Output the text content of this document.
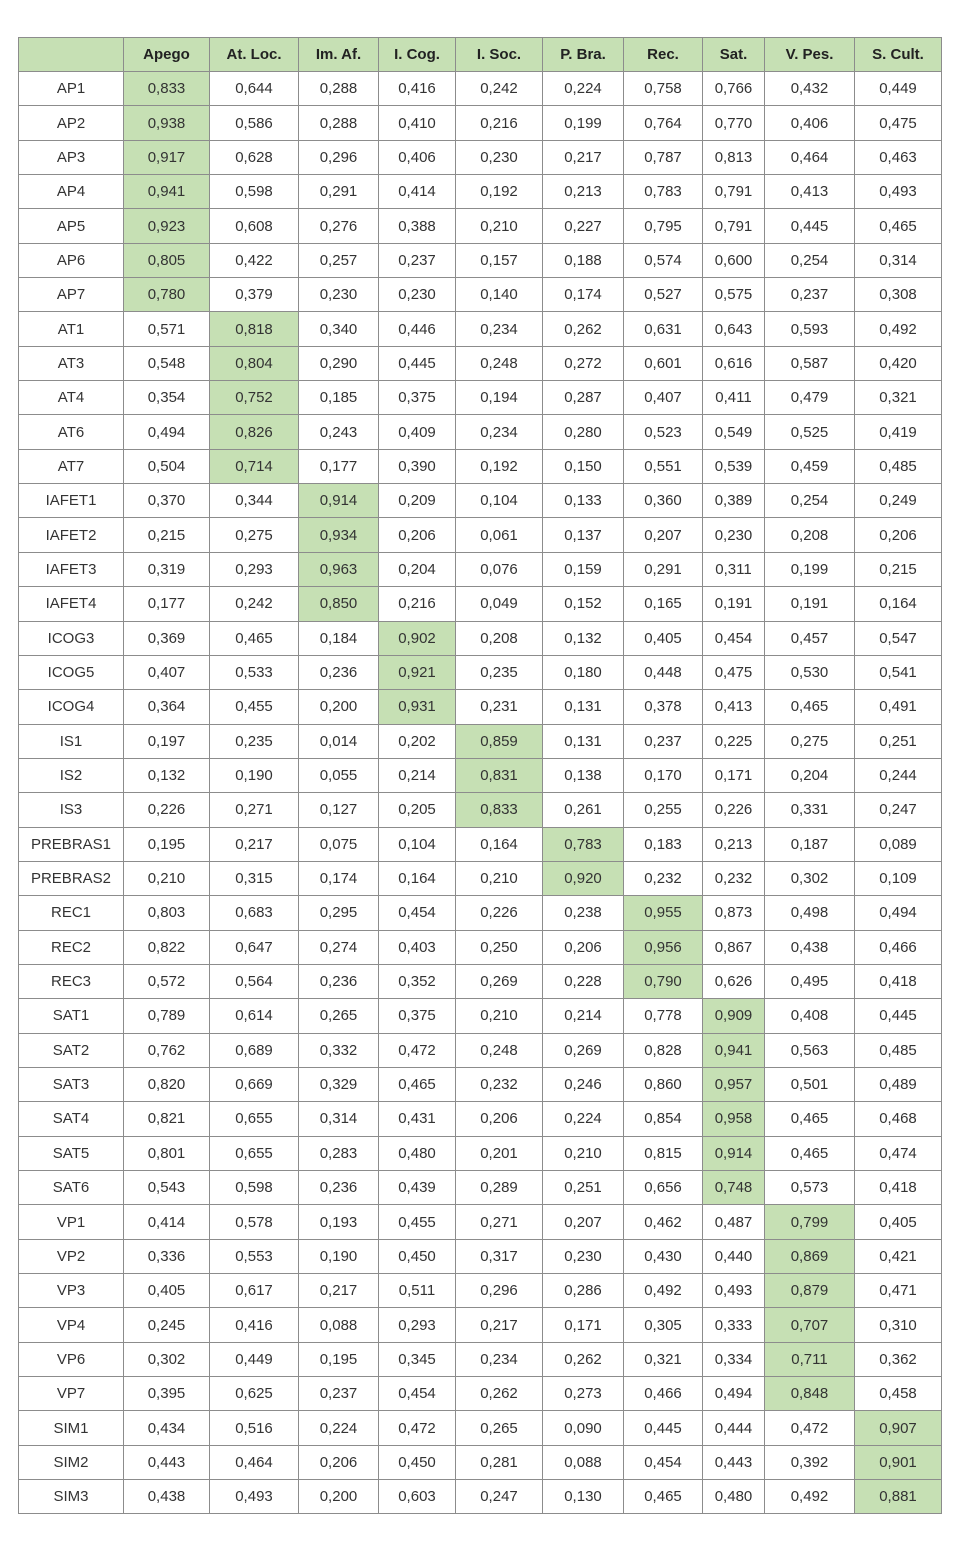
	Apego	At. Loc.	Im. Af.	I. Cog.	I. Soc.	P. Bra.	Rec.	Sat.	V. Pes.	S. Cult.
AP1	0,833	0,644	0,288	0,416	0,242	0,224	0,758	0,766	0,432	0,449
AP2	0,938	0,586	0,288	0,410	0,216	0,199	0,764	0,770	0,406	0,475
AP3	0,917	0,628	0,296	0,406	0,230	0,217	0,787	0,813	0,464	0,463
AP4	0,941	0,598	0,291	0,414	0,192	0,213	0,783	0,791	0,413	0,493
AP5	0,923	0,608	0,276	0,388	0,210	0,227	0,795	0,791	0,445	0,465
AP6	0,805	0,422	0,257	0,237	0,157	0,188	0,574	0,600	0,254	0,314
AP7	0,780	0,379	0,230	0,230	0,140	0,174	0,527	0,575	0,237	0,308
AT1	0,571	0,818	0,340	0,446	0,234	0,262	0,631	0,643	0,593	0,492
AT3	0,548	0,804	0,290	0,445	0,248	0,272	0,601	0,616	0,587	0,420
AT4	0,354	0,752	0,185	0,375	0,194	0,287	0,407	0,411	0,479	0,321
AT6	0,494	0,826	0,243	0,409	0,234	0,280	0,523	0,549	0,525	0,419
AT7	0,504	0,714	0,177	0,390	0,192	0,150	0,551	0,539	0,459	0,485
IAFET1	0,370	0,344	0,914	0,209	0,104	0,133	0,360	0,389	0,254	0,249
IAFET2	0,215	0,275	0,934	0,206	0,061	0,137	0,207	0,230	0,208	0,206
IAFET3	0,319	0,293	0,963	0,204	0,076	0,159	0,291	0,311	0,199	0,215
IAFET4	0,177	0,242	0,850	0,216	0,049	0,152	0,165	0,191	0,191	0,164
ICOG3	0,369	0,465	0,184	0,902	0,208	0,132	0,405	0,454	0,457	0,547
ICOG5	0,407	0,533	0,236	0,921	0,235	0,180	0,448	0,475	0,530	0,541
ICOG4	0,364	0,455	0,200	0,931	0,231	0,131	0,378	0,413	0,465	0,491
IS1	0,197	0,235	0,014	0,202	0,859	0,131	0,237	0,225	0,275	0,251
IS2	0,132	0,190	0,055	0,214	0,831	0,138	0,170	0,171	0,204	0,244
IS3	0,226	0,271	0,127	0,205	0,833	0,261	0,255	0,226	0,331	0,247
PREBRAS1	0,195	0,217	0,075	0,104	0,164	0,783	0,183	0,213	0,187	0,089
PREBRAS2	0,210	0,315	0,174	0,164	0,210	0,920	0,232	0,232	0,302	0,109
REC1	0,803	0,683	0,295	0,454	0,226	0,238	0,955	0,873	0,498	0,494
REC2	0,822	0,647	0,274	0,403	0,250	0,206	0,956	0,867	0,438	0,466
REC3	0,572	0,564	0,236	0,352	0,269	0,228	0,790	0,626	0,495	0,418
SAT1	0,789	0,614	0,265	0,375	0,210	0,214	0,778	0,909	0,408	0,445
SAT2	0,762	0,689	0,332	0,472	0,248	0,269	0,828	0,941	0,563	0,485
SAT3	0,820	0,669	0,329	0,465	0,232	0,246	0,860	0,957	0,501	0,489
SAT4	0,821	0,655	0,314	0,431	0,206	0,224	0,854	0,958	0,465	0,468
SAT5	0,801	0,655	0,283	0,480	0,201	0,210	0,815	0,914	0,465	0,474
SAT6	0,543	0,598	0,236	0,439	0,289	0,251	0,656	0,748	0,573	0,418
VP1	0,414	0,578	0,193	0,455	0,271	0,207	0,462	0,487	0,799	0,405
VP2	0,336	0,553	0,190	0,450	0,317	0,230	0,430	0,440	0,869	0,421
VP3	0,405	0,617	0,217	0,511	0,296	0,286	0,492	0,493	0,879	0,471
VP4	0,245	0,416	0,088	0,293	0,217	0,171	0,305	0,333	0,707	0,310
VP6	0,302	0,449	0,195	0,345	0,234	0,262	0,321	0,334	0,711	0,362
VP7	0,395	0,625	0,237	0,454	0,262	0,273	0,466	0,494	0,848	0,458
SIM1	0,434	0,516	0,224	0,472	0,265	0,090	0,445	0,444	0,472	0,907
SIM2	0,443	0,464	0,206	0,450	0,281	0,088	0,454	0,443	0,392	0,901
SIM3	0,438	0,493	0,200	0,603	0,247	0,130	0,465	0,480	0,492	0,881
